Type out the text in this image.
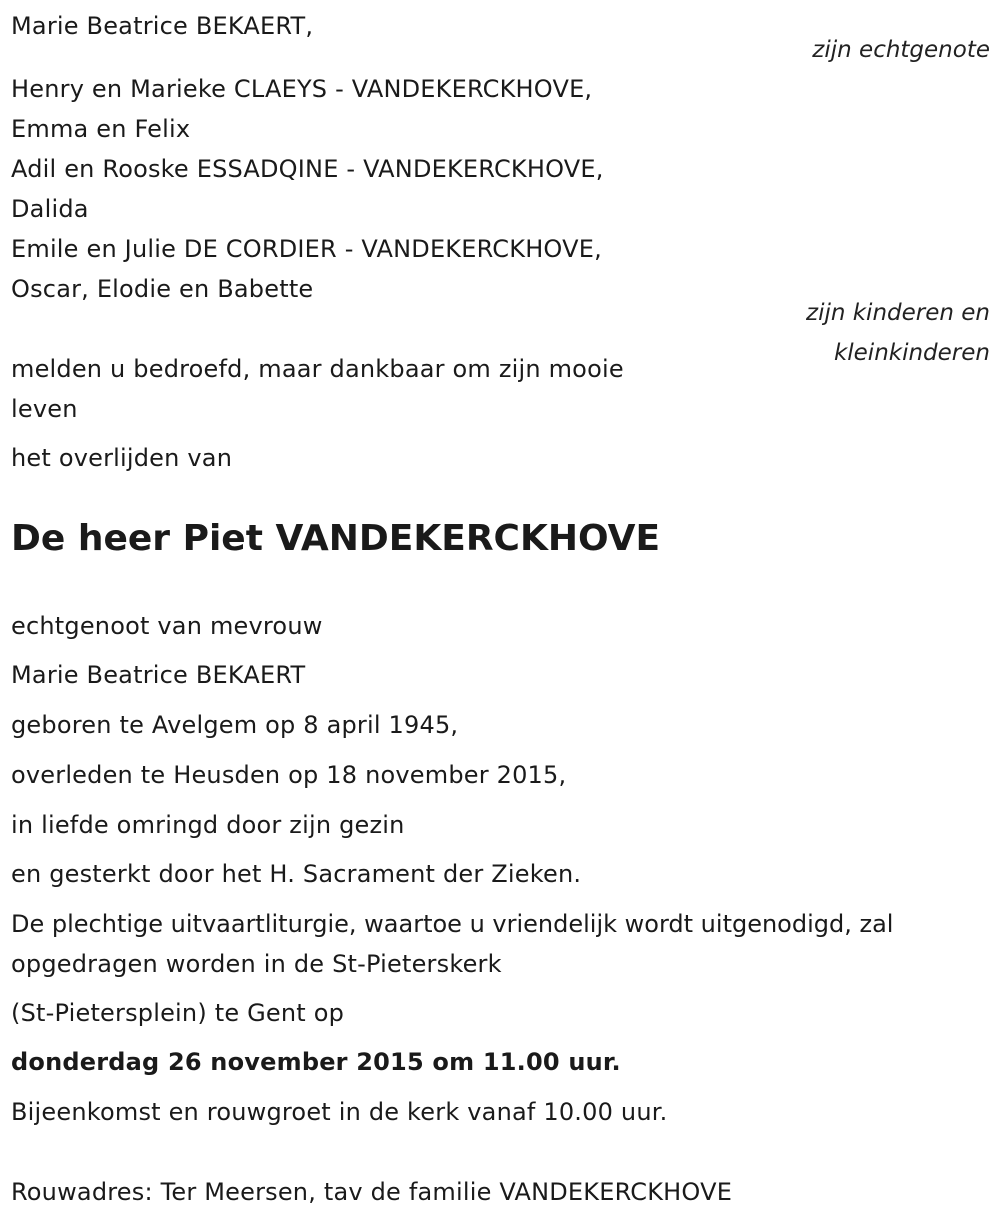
Marie Beatrice BEKAERT,
zijn echtgenote
Henry en Marieke CLAEYS - VANDEKERCKHOVE,
Emma en Felix
Adil en Rooske ESSADQINE - VANDEKERCKHOVE,
Dalida
Emile en Julie DE CORDIER - VANDEKERCKHOVE,
Oscar, Elodie en Babette
zijn kinderen en
kleinkinderen
melden u bedroefd, maar dankbaar om zijn mooie
leven
het overlijden van
De heer Piet VANDEKERCKHOVE
echtgenoot van mevrouw
Marie Beatrice BEKAERT
geboren te Avelgem op 8 april 1945,
overleden te Heusden op 18 november 2015,
in liefde omringd door zijn gezin
en gesterkt door het H. Sacrament der Zieken.
De plechtige uitvaartliturgie, waartoe u vriendelijk wordt uitgenodigd, zal
opgedragen worden in de St-Pieterskerk
(St-Pietersplein) te Gent op
donderdag 26 november 2015 om 11.00 uur.
Bijeenkomst en rouwgroet in de kerk vanaf 10.00 uur.
Rouwadres: Ter Meersen, tav de familie VANDEKERCKHOVE
